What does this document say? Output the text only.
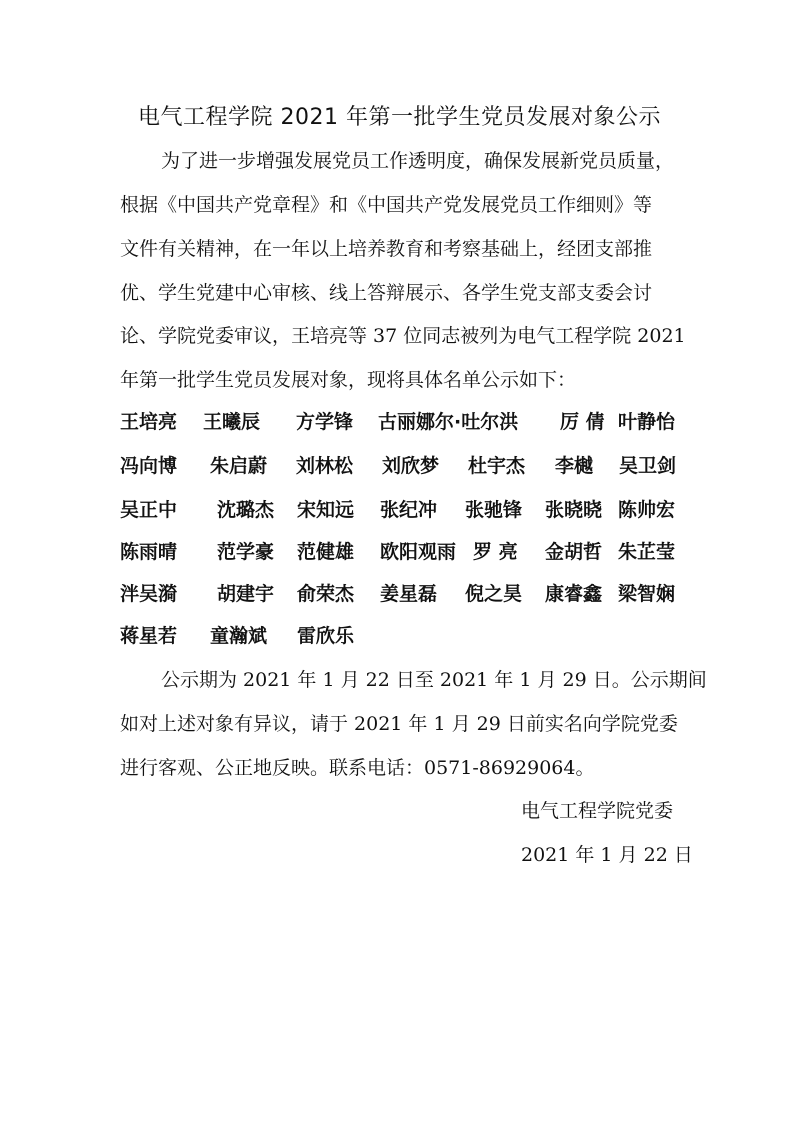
电气工程学院 2021 年第一批学生党员发展对象公示
为了进一步增强发展党员工作透明度，确保发展新党员质量，
根据《中国共产党章程》和《中国共产党发展党员工作细则》等
文件有关精神，在一年以上培养教育和考察基础上，经团支部推
优、学生党建中心审核、线上答辩展示、各学生党支部支委会讨
论、学院党委审议，王培亮等 37 位同志被列为电气工程学院 2021
年第一批学生党员发展对象，现将具体名单公示如下：
王培亮 王曦辰 方学锋 古丽娜尔·吐尔洪 厉 倩 叶静怡
冯向博 朱启蔚 刘林松 刘欣梦 杜宇杰 李樾 吴卫剑
吴正中 沈璐杰 宋知远 张纪冲 张驰锋 张晓晓 陈帅宏
陈雨晴 范学豪 范健雄 欧阳观雨 罗 亮 金胡哲 朱芷莹
泮吴漪 胡建宇 俞荣杰 姜星磊 倪之昊 康睿鑫 梁智娴
蒋星若 童瀚斌 雷欣乐
公示期为 2021 年 1 月 22 日至 2021 年 1 月 29 日。公示期间
如对上述对象有异议，请于 2021 年 1 月 29 日前实名向学院党委
进行客观、公正地反映。联系电话：0571-86929064。
电气工程学院党委
2021 年 1 月 22 日
